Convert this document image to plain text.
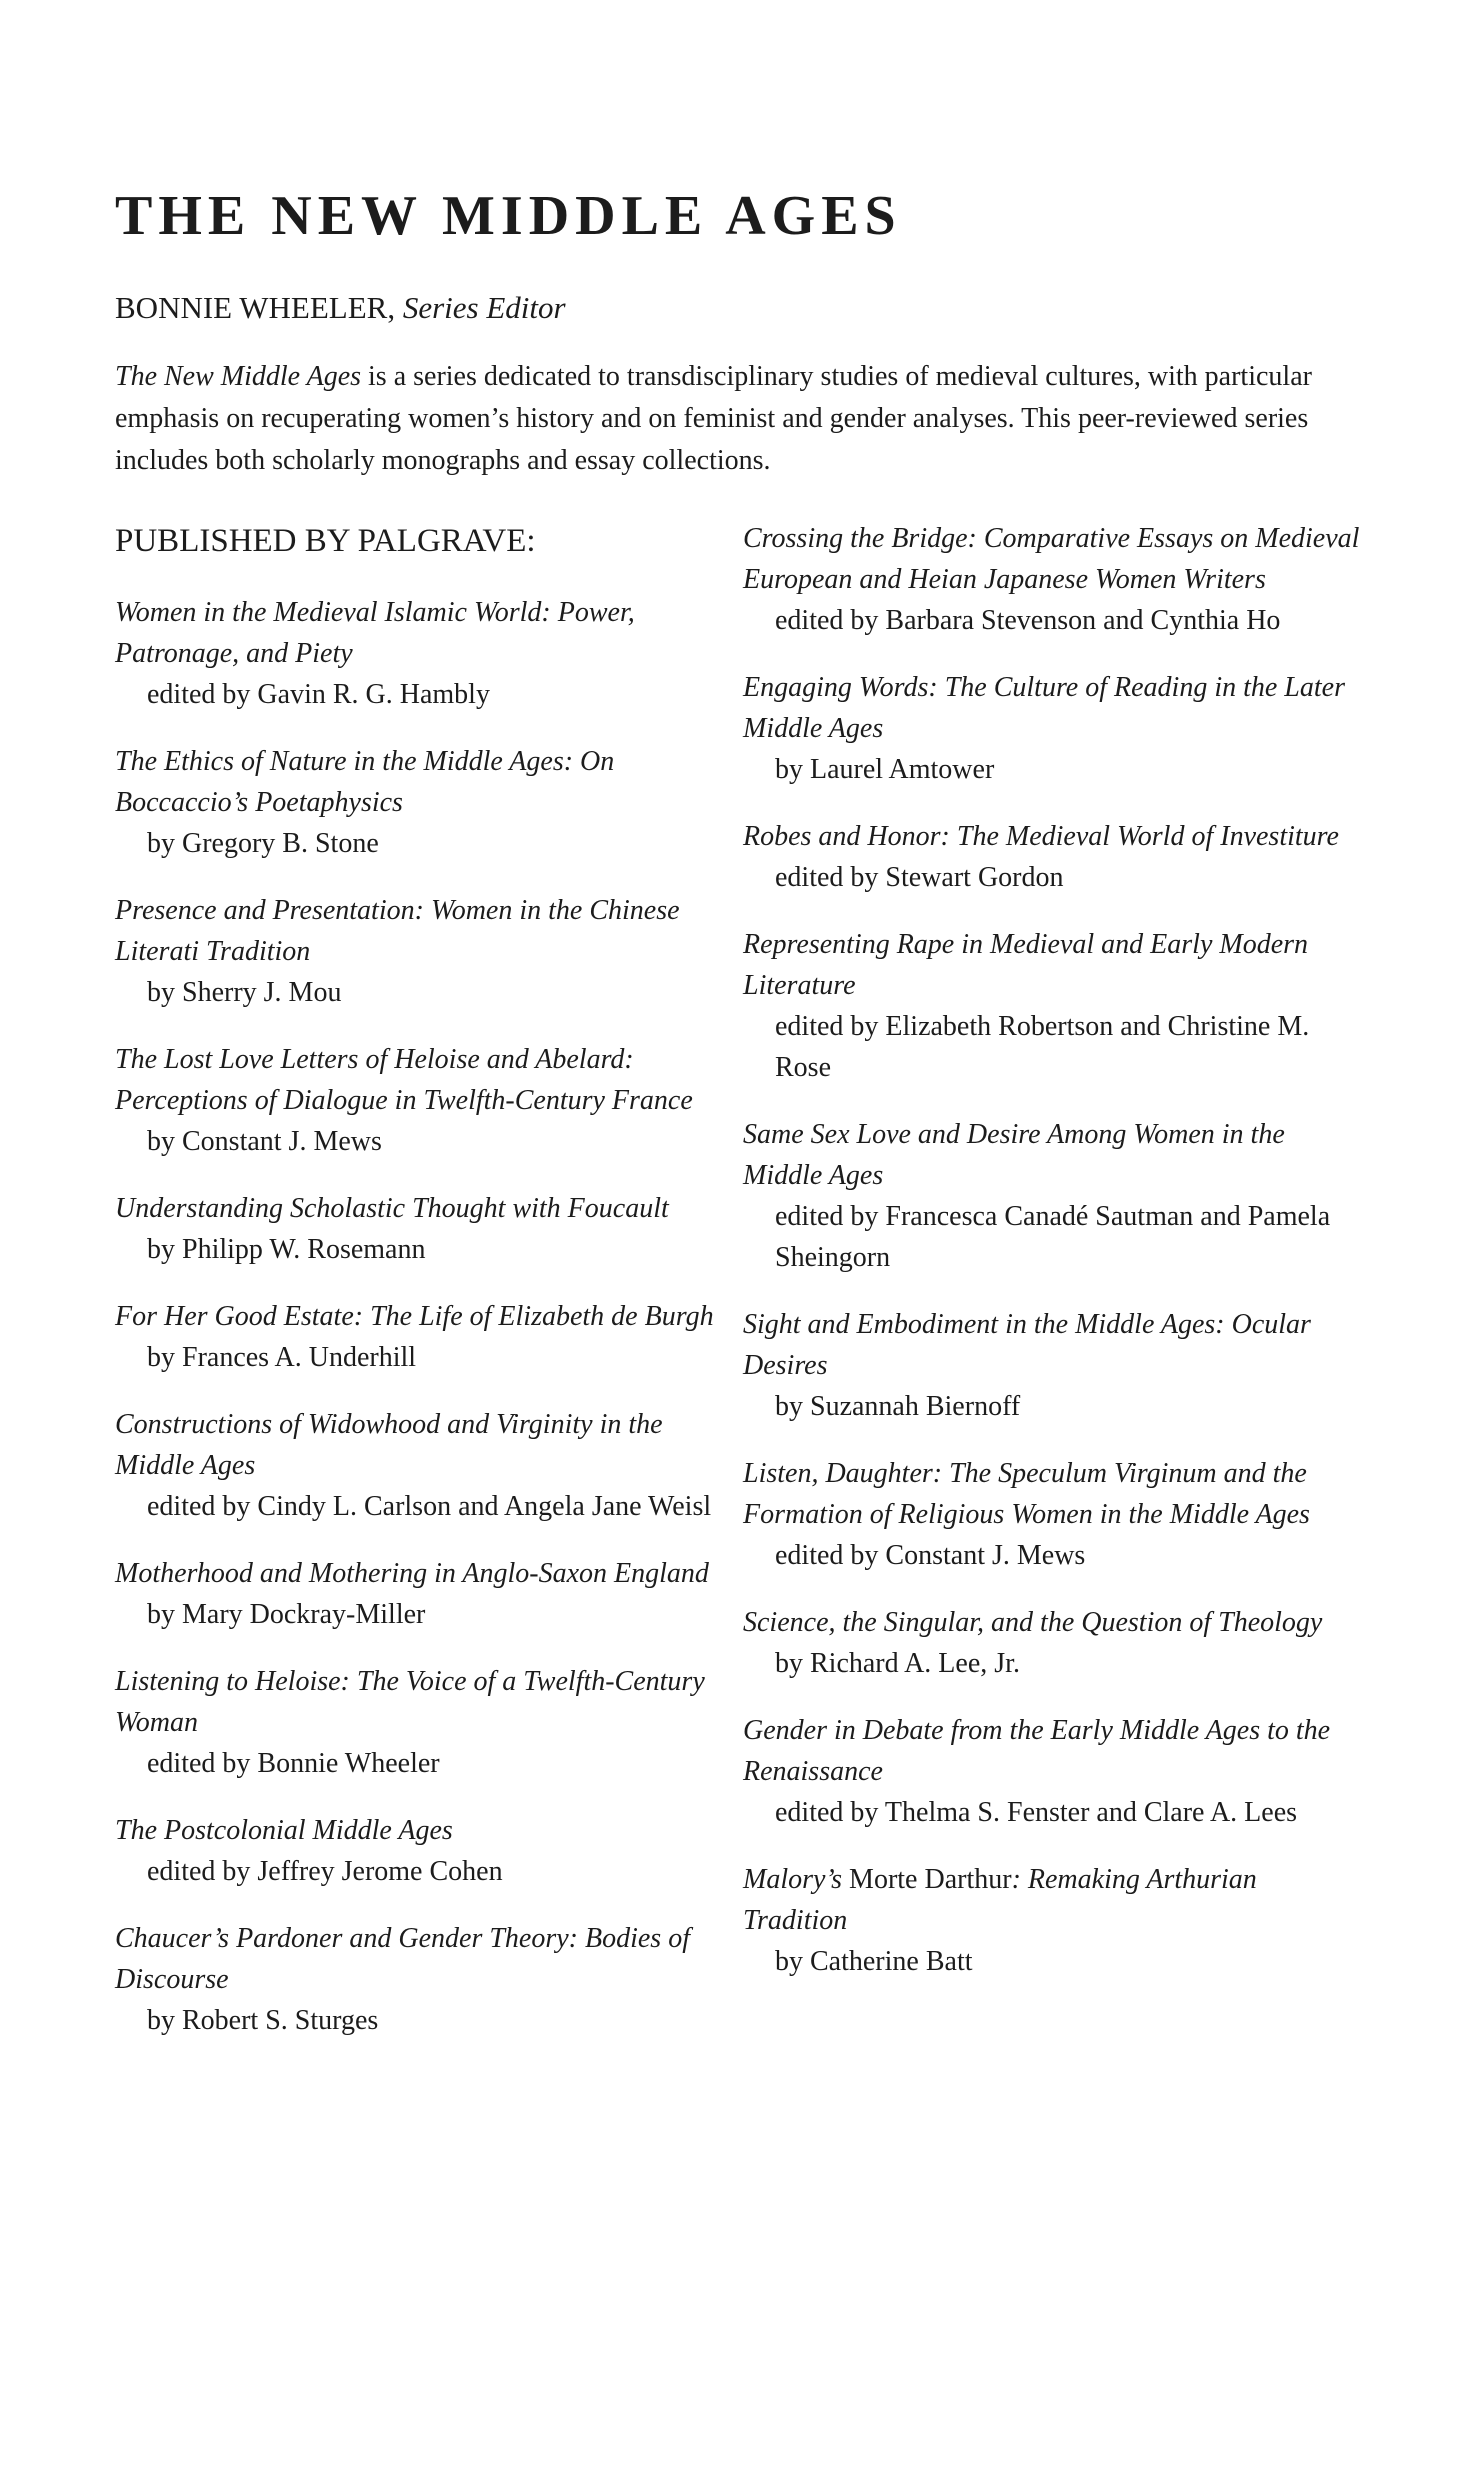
THE NEW MIDDLE AGES
BONNIE WHEELER, Series Editor

The New Middle Ages is a series dedicated to transdisciplinary studies of medieval cultures, with particular emphasis on recuperating women’s history and on feminist and gender analyses. This peer-reviewed series includes both scholarly monographs and essay collections.

PUBLISHED BY PALGRAVE:
Women in the Medieval Islamic World: Power, Patronage, and Piety
edited by Gavin R. G. Hambly
The Ethics of Nature in the Middle Ages: On Boccaccio’s Poetaphysics
by Gregory B. Stone
Presence and Presentation: Women in the Chinese Literati Tradition
by Sherry J. Mou
The Lost Love Letters of Heloise and Abelard: Perceptions of Dialogue in Twelfth-Century France
by Constant J. Mews
Understanding Scholastic Thought with Foucault
by Philipp W. Rosemann
For Her Good Estate: The Life of Elizabeth de Burgh
by Frances A. Underhill
Constructions of Widowhood and Virginity in the Middle Ages
edited by Cindy L. Carlson and Angela Jane Weisl
Motherhood and Mothering in Anglo-Saxon England
by Mary Dockray-Miller
Listening to Heloise: The Voice of a Twelfth-Century Woman
edited by Bonnie Wheeler
The Postcolonial Middle Ages
edited by Jeffrey Jerome Cohen
Chaucer’s Pardoner and Gender Theory: Bodies of Discourse
by Robert S. Sturges
Crossing the Bridge: Comparative Essays on Medieval European and Heian Japanese Women Writers
edited by Barbara Stevenson and Cynthia Ho
Engaging Words: The Culture of Reading in the Later Middle Ages
by Laurel Amtower
Robes and Honor: The Medieval World of Investiture
edited by Stewart Gordon
Representing Rape in Medieval and Early Modern Literature
edited by Elizabeth Robertson and Christine M. Rose
Same Sex Love and Desire Among Women in the Middle Ages
edited by Francesca Canadé Sautman and Pamela Sheingorn
Sight and Embodiment in the Middle Ages: Ocular Desires
by Suzannah Biernoff
Listen, Daughter: The Speculum Virginum and the Formation of Religious Women in the Middle Ages
edited by Constant J. Mews
Science, the Singular, and the Question of Theology
by Richard A. Lee, Jr.
Gender in Debate from the Early Middle Ages to the Renaissance
edited by Thelma S. Fenster and Clare A. Lees
Malory’s Morte Darthur: Remaking Arthurian Tradition
by Catherine Batt
